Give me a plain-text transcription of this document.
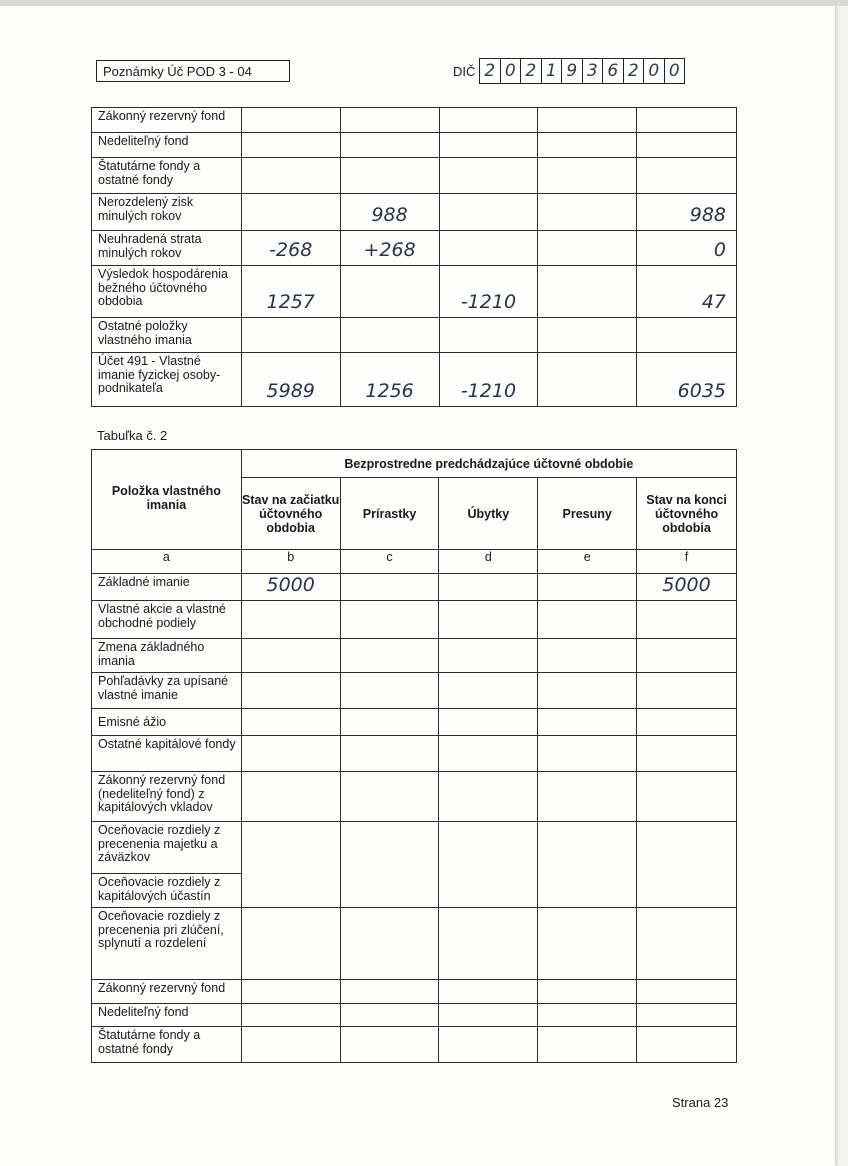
Poznámky Úč POD 3 - 04	DIČ 2 0 2 1 9 3 6 2 0 0
Zákonný rezervný fond					
Nedeliteľný fond					
Štatutárne fondy a ostatné fondy					
Nerozdelený zisk minulých rokov		988			988
Neuhradená strata minulých rokov	-268	+268			0
Výsledok hospodárenia bežného účtovného obdobia	1257		-1210		47
Ostatné položky vlastného imania					
Účet 491 - Vlastné imanie fyzickej osoby-podnikateľa	5989	1256	-1210		6035
Tabuľka č. 2
Položka vlastného imania	Bezprostredne predchádzajúce účtovné obdobie				
	Stav na začiatku účtovného obdobia	Prírastky	Úbytky	Presuny	Stav na konci účtovného obdobia
a	b	c	d	e	f
Základné imanie	5000				5000
Vlastné akcie a vlastné obchodné podiely					
Zmena základného imania					
Pohľadávky za upísané vlastné imanie					
Emisné ážio					
Ostatné kapitálové fondy					
Zákonný rezervný fond (nedeliteľný fond) z kapitálových vkladov					
Oceňovacie rozdiely z precenenia majetku a záväzkov					
Oceňovacie rozdiely z kapitálových účastín					
Oceňovacie rozdiely z precenenia pri zlúčení, splynutí a rozdelení					
Zákonný rezervný fond					
Nedeliteľný fond					
Štatutárne fondy a ostatné fondy					
Strana 23
